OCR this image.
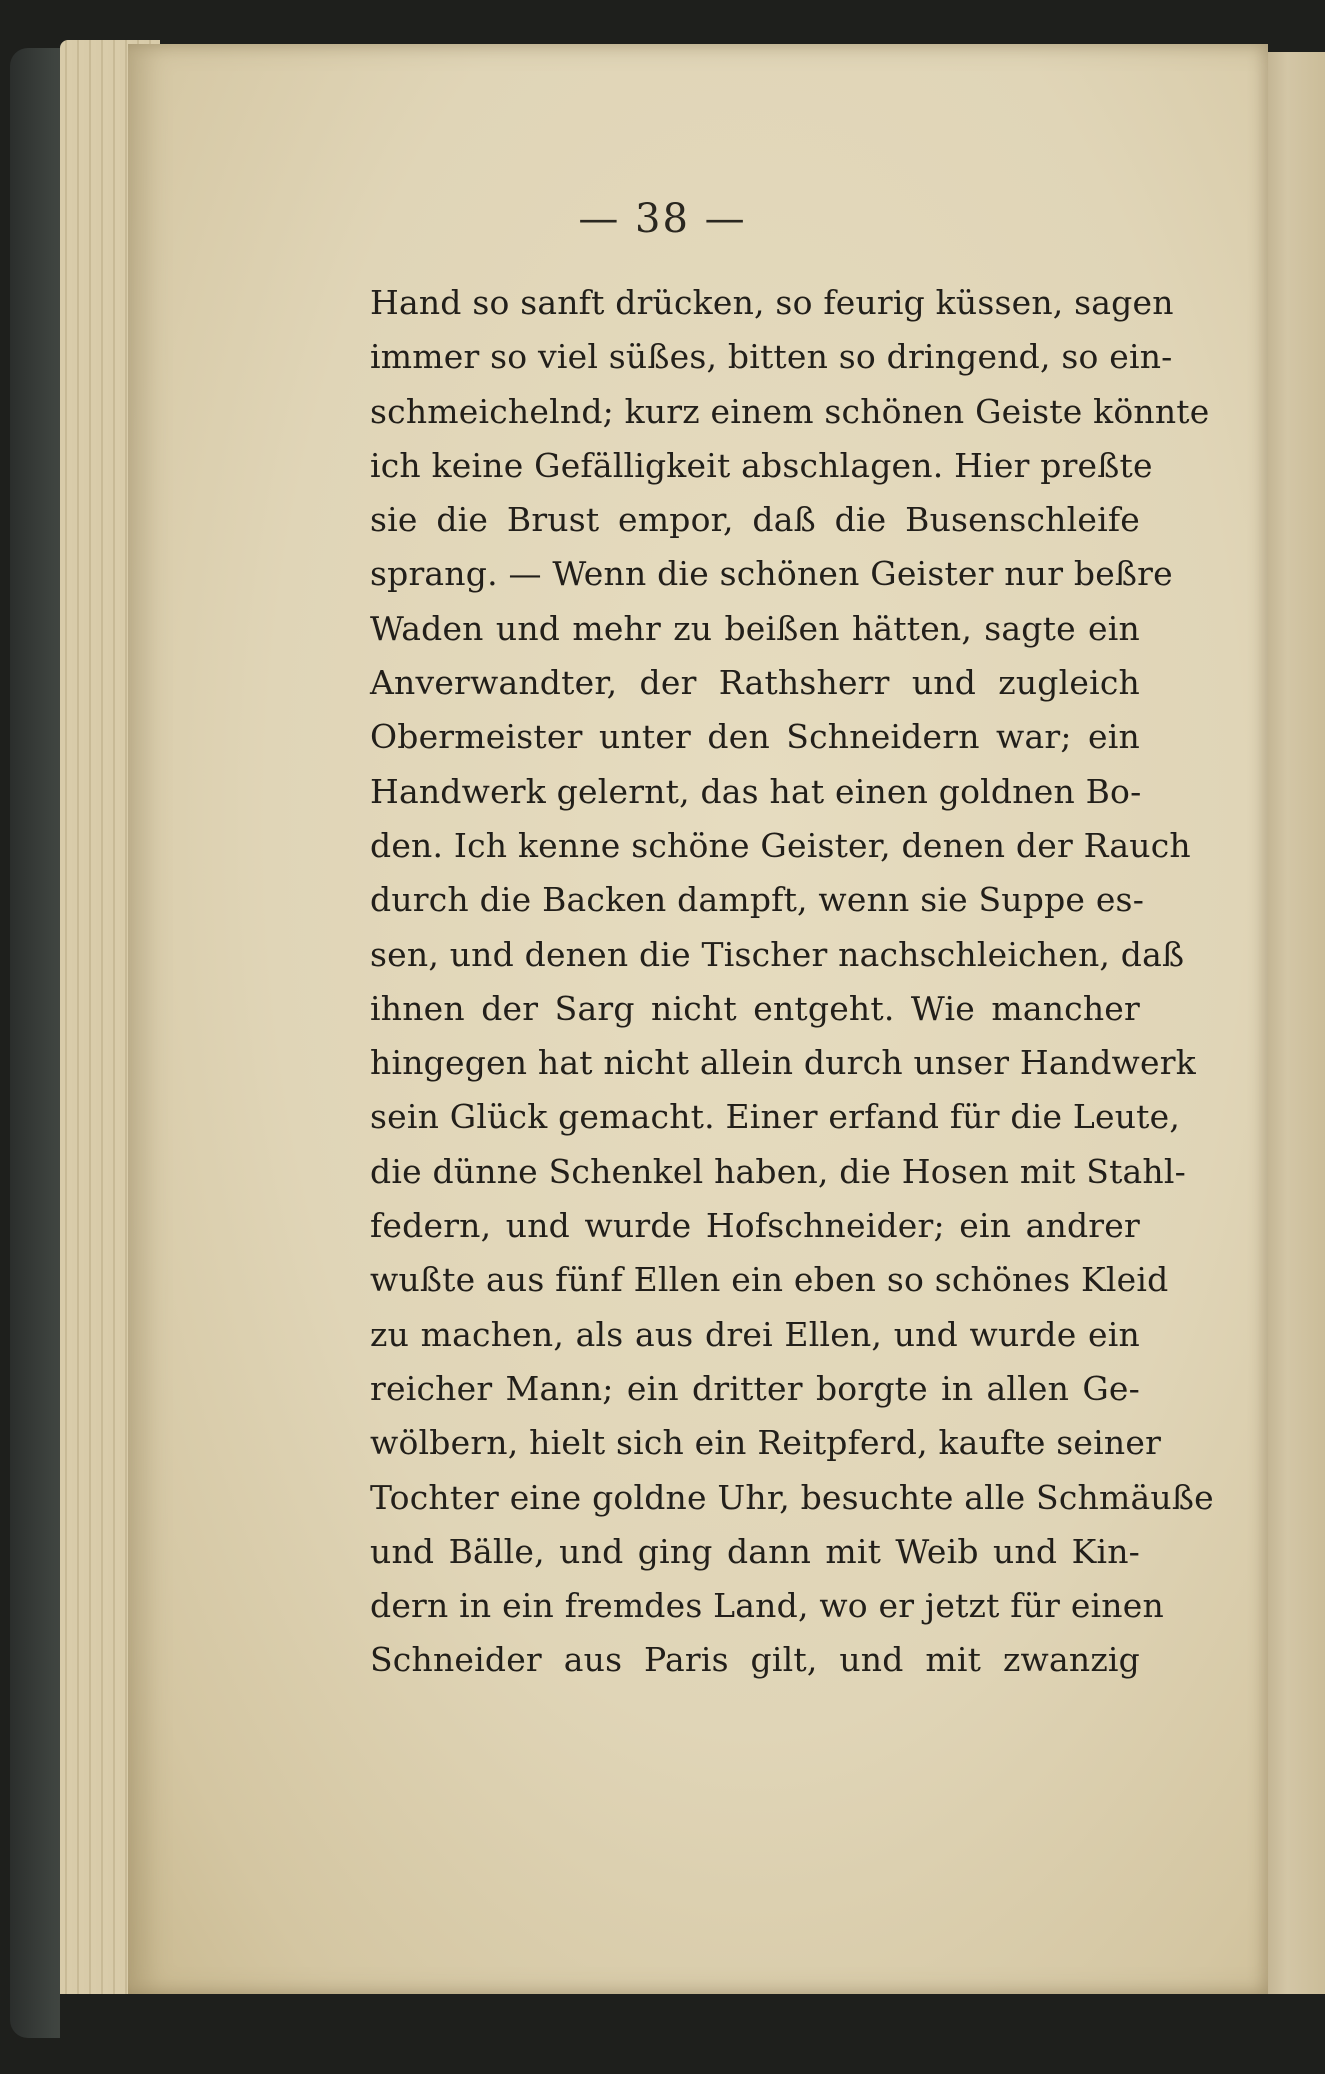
— 38 —
Hand so sanft drücken, so feurig küssen, sagen
immer so viel süßes, bitten so dringend, so ein-
schmeichelnd; kurz einem schönen Geiste könnte
ich keine Gefälligkeit abschlagen. Hier preßte
sie die Brust empor, daß die Busenschleife
sprang. — Wenn die schönen Geister nur beßre
Waden und mehr zu beißen hätten, sagte ein
Anverwandter, der Rathsherr und zugleich
Obermeister unter den Schneidern war; ein
Handwerk gelernt, das hat einen goldnen Bo-
den. Ich kenne schöne Geister, denen der Rauch
durch die Backen dampft, wenn sie Suppe es-
sen, und denen die Tischer nachschleichen, daß
ihnen der Sarg nicht entgeht. Wie mancher
hingegen hat nicht allein durch unser Handwerk
sein Glück gemacht. Einer erfand für die Leute,
die dünne Schenkel haben, die Hosen mit Stahl-
federn, und wurde Hofschneider; ein andrer
wußte aus fünf Ellen ein eben so schönes Kleid
zu machen, als aus drei Ellen, und wurde ein
reicher Mann; ein dritter borgte in allen Ge-
wölbern, hielt sich ein Reitpferd, kaufte seiner
Tochter eine goldne Uhr, besuchte alle Schmäuße
und Bälle, und ging dann mit Weib und Kin-
dern in ein fremdes Land, wo er jetzt für einen
Schneider aus Paris gilt, und mit zwanzig
